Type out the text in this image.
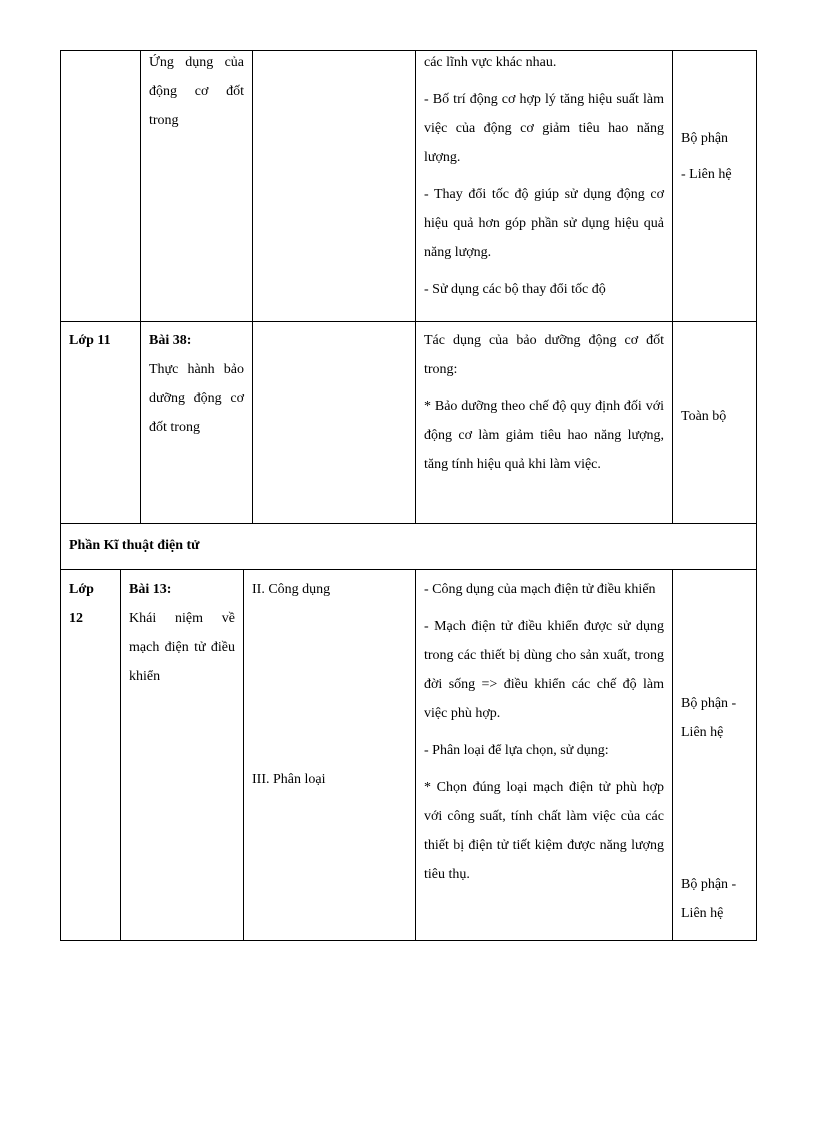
Ứng dụng của động cơ đốt trong

các lĩnh vực khác nhau.

- Bố trí động cơ hợp lý tăng hiệu suất làm việc của động cơ giảm tiêu hao năng lượng.

- Thay đổi tốc độ giúp sử dụng động cơ hiệu quả hơn góp phần sử dụng hiệu quả năng lượng.

- Sử dụng các bộ thay đổi tốc độ

Bộ phận

- Liên hệ

Lớp 11	Bài 38:

Thực hành bảo dưỡng động cơ đốt trong

Tác dụng của bảo dưỡng động cơ đốt trong:

* Bảo dưỡng theo chế độ quy định đối với động cơ làm giảm tiêu hao năng lượng, tăng tính hiệu quả khi làm việc.

Toàn bộ

Phần Kĩ thuật điện tử

Lớp

12

Bài 13:

Khái niệm về mạch điện tử điều khiển

II. Công dụng

III. Phân loại

- Công dụng của mạch điện tử điều khiển

- Mạch điện tử điều khiển được sử dụng trong các thiết bị dùng cho sản xuất, trong đời sống => điều khiển các chế độ làm việc phù hợp.

- Phân loại để lựa chọn, sử dụng:

* Chọn đúng loại mạch điện tử phù hợp với công suất, tính chất làm việc của các thiết bị điện tử tiết kiệm được năng lượng tiêu thụ.

Bộ phận -

Liên hệ

Bộ phận -

Liên hệ
